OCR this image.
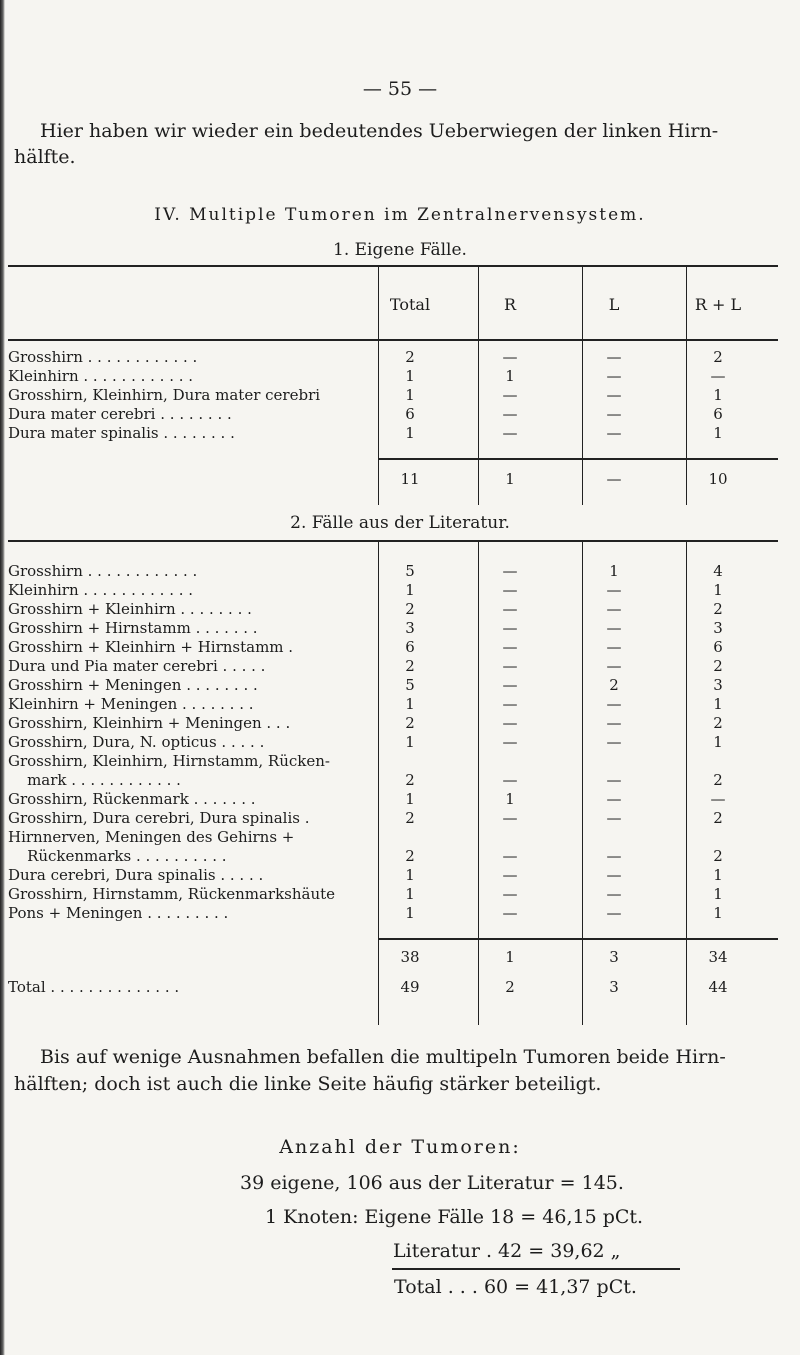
— 55 —
Hier haben wir wieder ein bedeutendes Ueberwiegen der linken Hirn-
hälfte.
IV. Multiple Tumoren im Zentralnervensystem.
1. Eigene Fälle.
Total	R	L	R + L
Grosshirn . . . . . . . . . . . .	2	—	—	2
Kleinhirn . . . . . . . . . . . .	1	1	—	—
Grosshirn, Kleinhirn, Dura mater cerebri	1	—	—	1
Dura mater cerebri . . . . . . . .	6	—	—	6
Dura mater spinalis . . . . . . . .	1	—	—	1
11	1	—	10
2. Fälle aus der Literatur.
Grosshirn . . . . . . . . . . . .	5	—	1	4
Kleinhirn . . . . . . . . . . . .	1	—	—	1
Grosshirn + Kleinhirn . . . . . . . .	2	—	—	2
Grosshirn + Hirnstamm . . . . . . .	3	—	—	3
Grosshirn + Kleinhirn + Hirnstamm .	6	—	—	6
Dura und Pia mater cerebri . . . . .	2	—	—	2
Grosshirn + Meningen . . . . . . . .	5	—	2	3
Kleinhirn + Meningen . . . . . . . .	1	—	—	1
Grosshirn, Kleinhirn + Meningen . . .	2	—	—	2
Grosshirn, Dura, N. opticus . . . . .	1	—	—	1
Grosshirn, Kleinhirn, Hirnstamm, Rücken-
mark . . . . . . . . . . . .	2	—	—	2
Grosshirn, Rückenmark . . . . . . .	1	1	—	—
Grosshirn, Dura cerebri, Dura spinalis .	2	—	—	2
Hirnnerven, Meningen des Gehirns +
Rückenmarks . . . . . . . . . .	2	—	—	2
Dura cerebri, Dura spinalis . . . . .	1	—	—	1
Grosshirn, Hirnstamm, Rückenmarkshäute	1	—	—	1
Pons + Meningen . . . . . . . . .	1	—	—	1
38	1	3	34
Total . . . . . . . . . . . . . .	49	2	3	44
Bis auf wenige Ausnahmen befallen die multipeln Tumoren beide Hirn-
hälften; doch ist auch die linke Seite häufig stärker beteiligt.
Anzahl der Tumoren:
39 eigene, 106 aus der Literatur = 145.
1 Knoten: Eigene Fälle 18 = 46,15 pCt.
Literatur . 42 = 39,62 „
Total . . . 60 = 41,37 pCt.
